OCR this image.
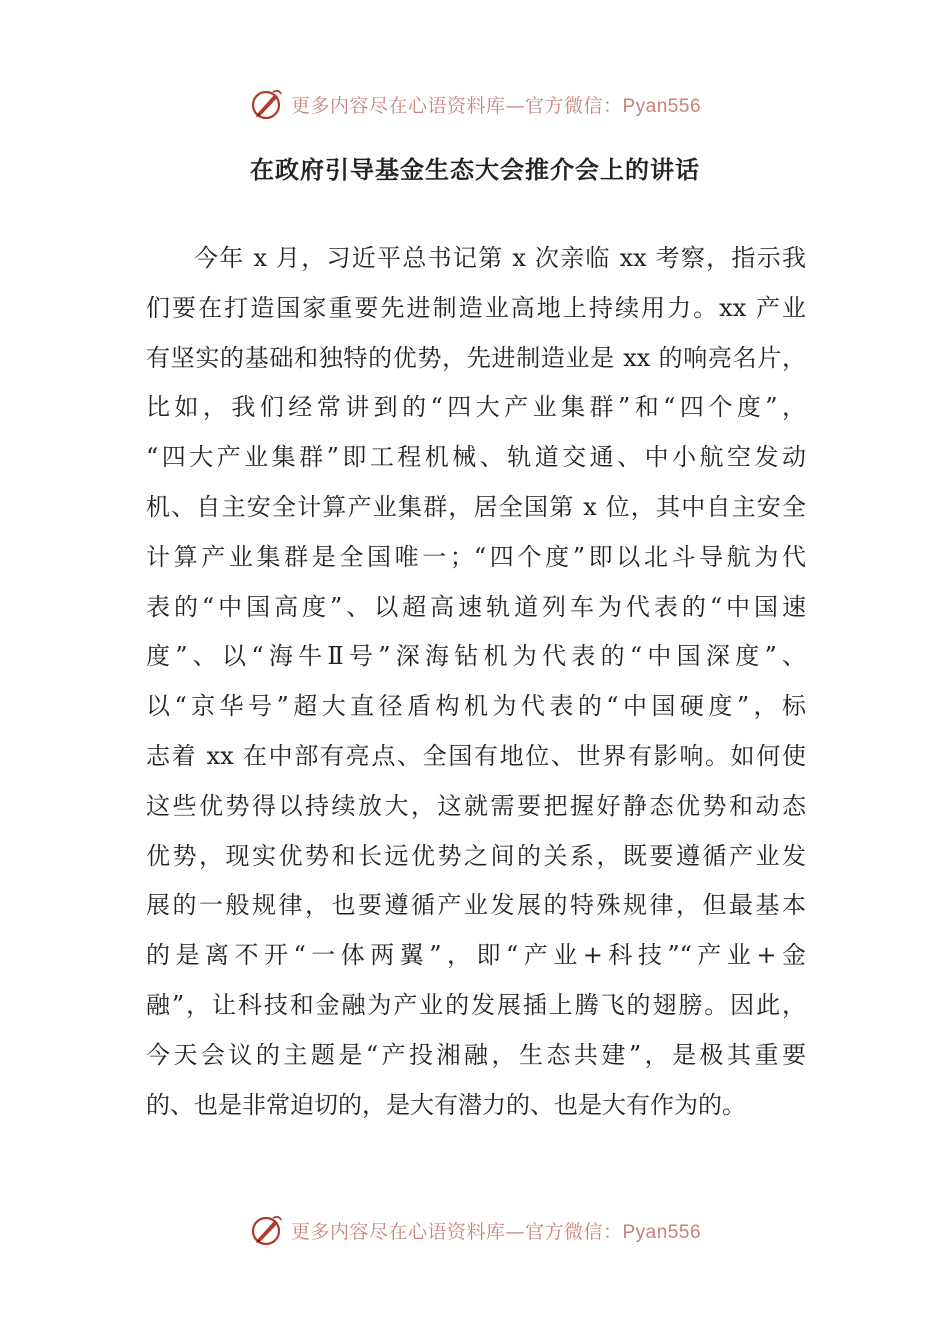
更多内容尽在心语资料库—官方微信：Pyan556
在政府引导基金生态大会推介会上的讲话
今年 x 月，习近平总书记第 x 次亲临 xx 考察，指示我
们要在打造国家重要先进制造业高地上持续用力。xx 产业
有坚实的基础和独特的优势，先进制造业是 xx 的响亮名片，
比如，我们经常讲到的“四大产业集群”和“四个度”，
“四大产业集群”即工程机械、轨道交通、中小航空发动
机、自主安全计算产业集群，居全国第 x 位，其中自主安全
计算产业集群是全国唯一；“四个度”即以北斗导航为代
表的“中国高度”、以超高速轨道列车为代表的“中国速
度”、以“海牛Ⅱ号”深海钻机为代表的“中国深度”、
以“京华号”超大直径盾构机为代表的“中国硬度”，标
志着 xx 在中部有亮点、全国有地位、世界有影响。如何使
这些优势得以持续放大，这就需要把握好静态优势和动态
优势，现实优势和长远优势之间的关系，既要遵循产业发
展的一般规律，也要遵循产业发展的特殊规律，但最基本
的是离不开“一体两翼”，即“产业+科技”“产业+金
融”，让科技和金融为产业的发展插上腾飞的翅膀。因此，
今天会议的主题是“产投湘融，生态共建”，是极其重要
的、也是非常迫切的，是大有潜力的、也是大有作为的。
更多内容尽在心语资料库—官方微信：Pyan556
